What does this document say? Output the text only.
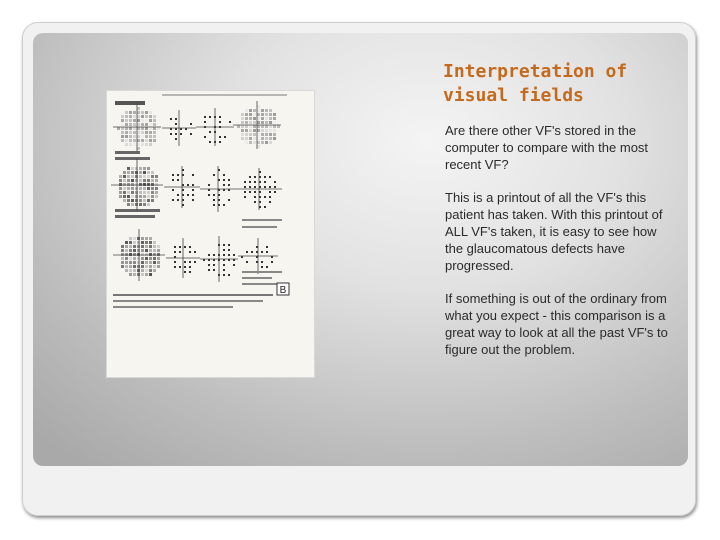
B
Interpretation of
visual fields

Are there other VF's stored in the computer to compare with the most recent VF?

This is a printout of all the VF's this patient has taken. With this printout of ALL VF's taken, it is easy to see how the glaucomatous defects have progressed.

If something is out of the ordinary from what you expect - this comparison is a great way to look at all the past VF's to figure out the problem.
